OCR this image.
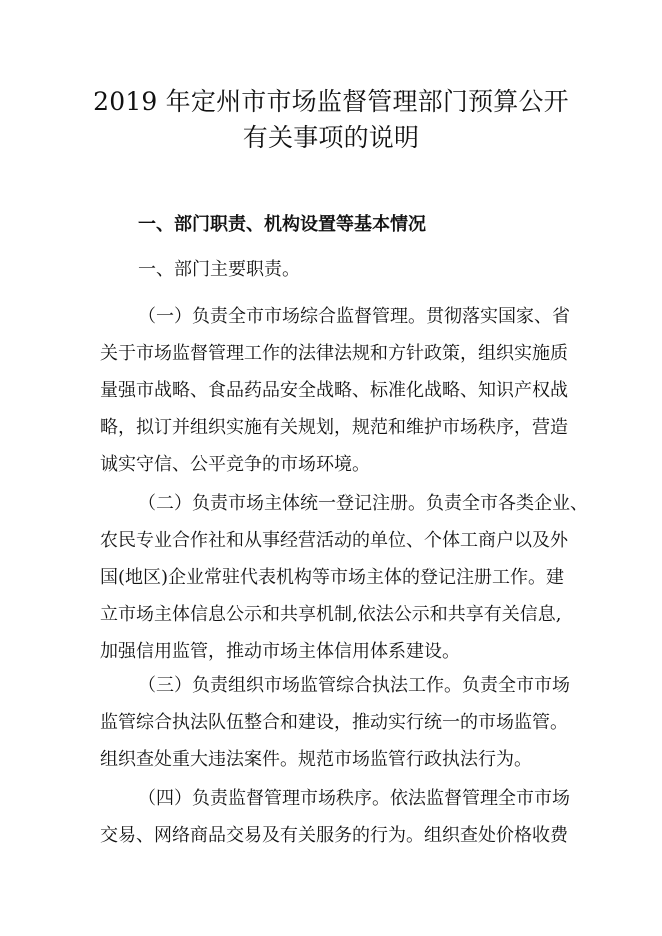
2019 年定州市市场监督管理部门预算公开
有关事项的说明
一、部门职责、机构设置等基本情况
一、部门主要职责。
（一）负责全市市场综合监督管理。贯彻落实国家、省
关于市场监督管理工作的法律法规和方针政策，组织实施质
量强市战略、食品药品安全战略、标准化战略、知识产权战
略，拟订并组织实施有关规划，规范和维护市场秩序，营造
诚实守信、公平竞争的市场环境。
（二）负责市场主体统一登记注册。负责全市各类企业、
农民专业合作社和从事经营活动的单位、个体工商户以及外
国(地区)企业常驻代表机构等市场主体的登记注册工作。建
立市场主体信息公示和共享机制,依法公示和共享有关信息,
加强信用监管，推动市场主体信用体系建设。
（三）负责组织市场监管综合执法工作。负责全市市场
监管综合执法队伍整合和建设，推动实行统一的市场监管。
组织查处重大违法案件。规范市场监管行政执法行为。
（四）负责监督管理市场秩序。依法监督管理全市市场
交易、网络商品交易及有关服务的行为。组织查处价格收费
